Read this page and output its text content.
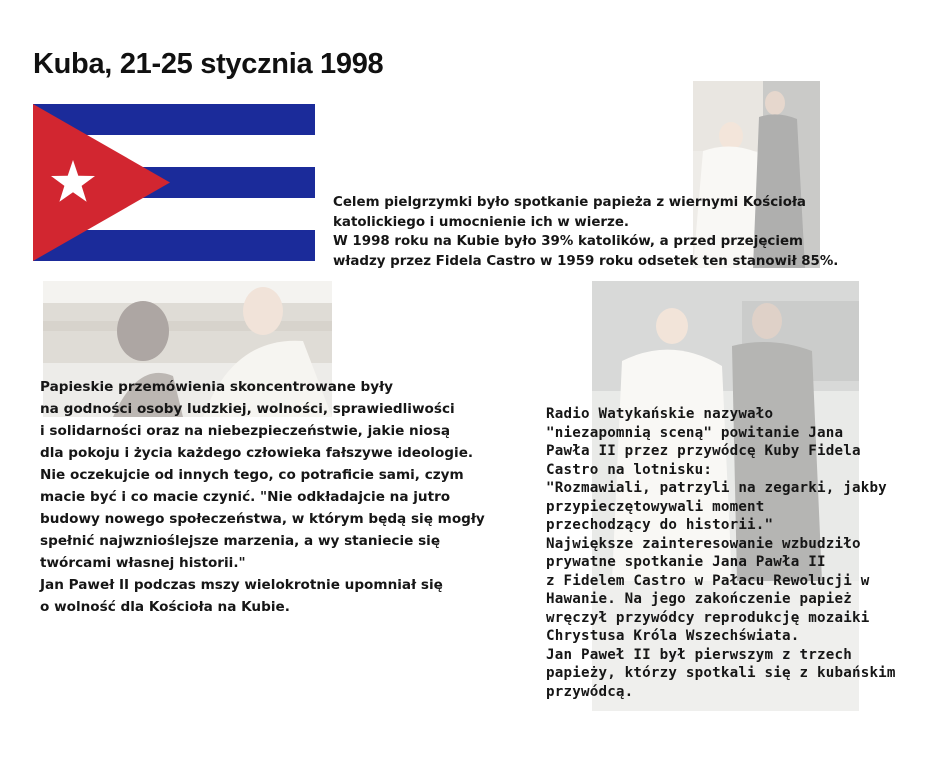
Kuba, 21-25 stycznia 1998

Celem pielgrzymki było spotkanie papieża z wiernymi Kościoła

katolickiego i umocnienie ich w wierze.

W 1998 roku na Kubie było 39% katolików, a przed przejęciem

władzy przez Fidela Castro w 1959 roku odsetek ten stanowił 85%.

Papieskie przemówienia skoncentrowane były

na godności osoby ludzkiej, wolności, sprawiedliwości

i solidarności oraz na niebezpieczeństwie, jakie niosą

dla pokoju i życia każdego człowieka fałszywe ideologie.

Nie oczekujcie od innych tego, co potraficie sami, czym

macie być i co macie czynić. "Nie odkładajcie na jutro

budowy nowego społeczeństwa, w którym będą się mogły

spełnić najwznioślejsze marzenia, a wy staniecie się

twórcami własnej historii."

Jan Paweł II podczas mszy wielokrotnie upomniał się

o wolność dla Kościoła na Kubie.

Radio Watykańskie nazywało

"niezapomnią sceną" powitanie Jana

Pawła II przez przywódcę Kuby Fidela

Castro na lotnisku:

"Rozmawiali, patrzyli na zegarki, jakby

przypieczętowywali moment

przechodzący do historii."

Największe zainteresowanie wzbudziło

prywatne spotkanie Jana Pawła II

z Fidelem Castro w Pałacu Rewolucji w

Hawanie. Na jego zakończenie papież

wręczył przywódcy reprodukcję mozaiki

Chrystusa Króla Wszechświata.

Jan Paweł II był pierwszym z trzech

papieży, którzy spotkali się z kubańskim

przywódcą.
